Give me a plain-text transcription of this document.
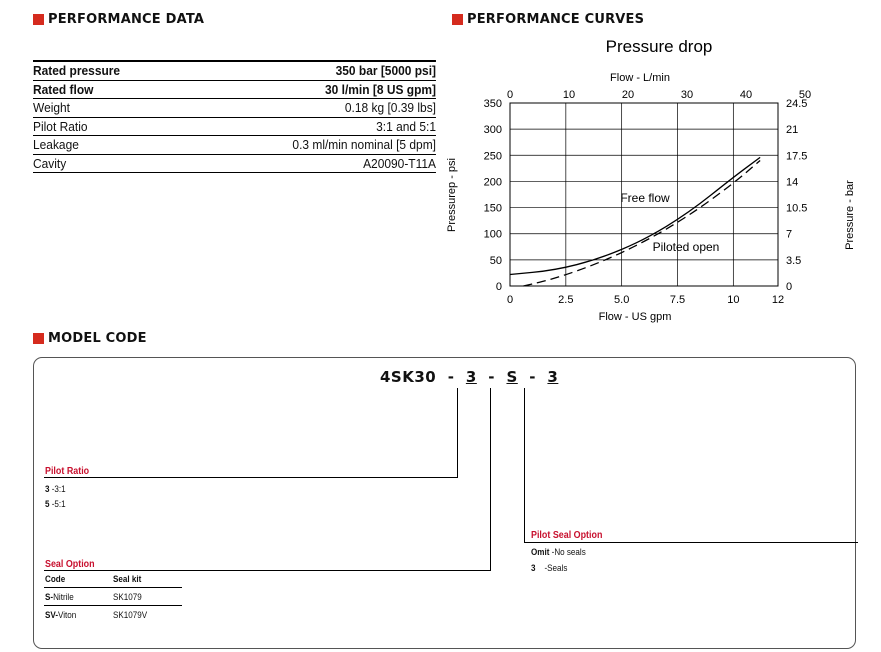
PERFORMANCE DATA
Rated pressure	350 bar [5000 psi]
Rated flow	30 l/min [8 US gpm]
Weight	0.18 kg [0.39 lbs]
Pilot Ratio	3:1 and 5:1
Leakage	0.3 ml/min nominal [5 dpm]
Cavity	A20090-T11A
PERFORMANCE CURVES
0	2.5	5.0	7.5	10	12
0	0
50	3.5
100	7
150	10.5
200	14
250	17.5
300	21
350	24.5
0	10	20	30	40	50
Pressure drop
Flow - L/min
Flow - US gpm
Pressurep - psi	Pressure - bar
Free flow
Piloted open
MODEL CODE
4SK30 - 3 - S - 3
Pilot Ratio
3 -3:1
5 -5:1
Seal Option
Code	Seal kit
S-Nitrile	SK1079
SV-Viton	SK1079V
Pilot Seal Option
Omit -No seals
3 -Seals
